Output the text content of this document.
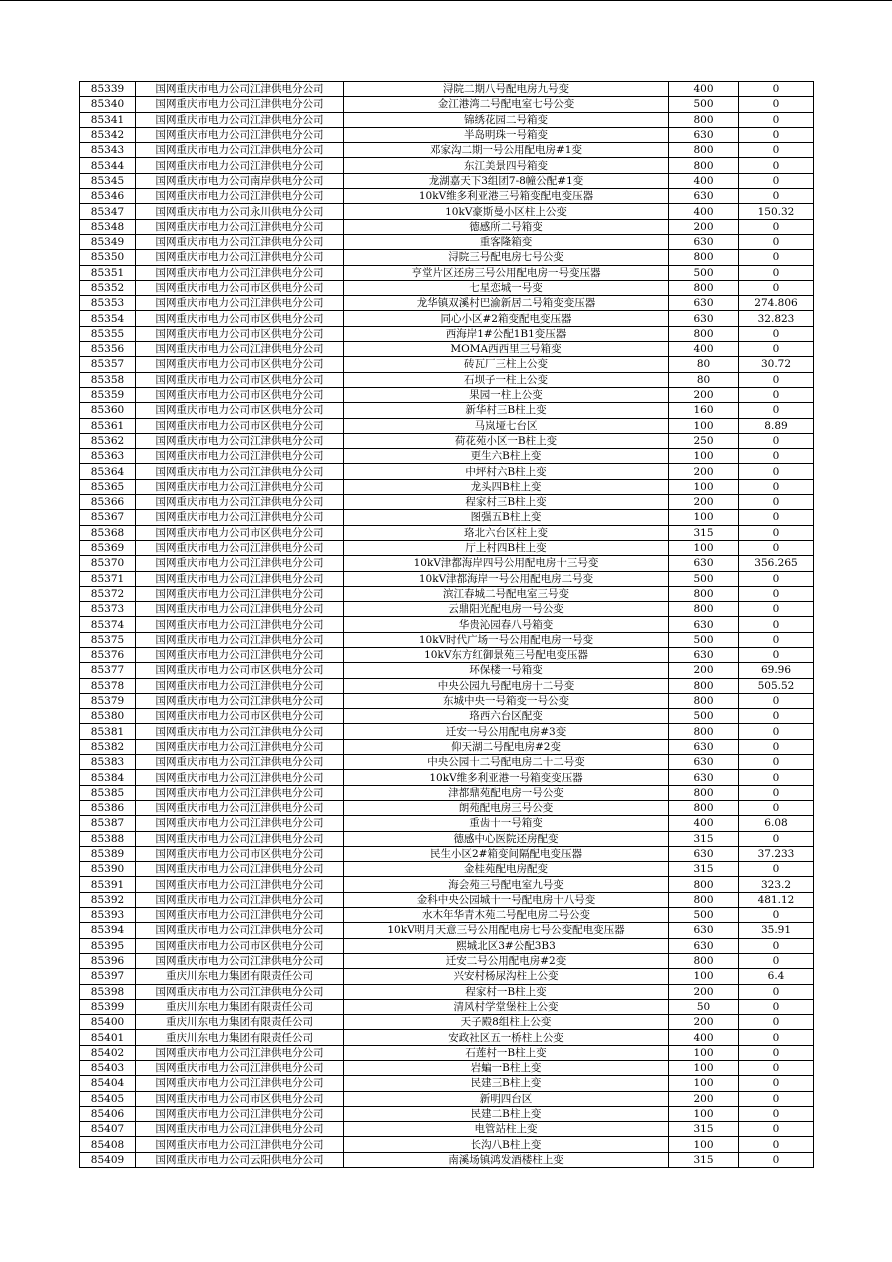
85339	国网重庆市电力公司江津供电分公司	浔院二期八号配电房九号变	400	0
85340	国网重庆市电力公司江津供电分公司	金江港湾二号配电室七号公变	500	0
85341	国网重庆市电力公司江津供电分公司	锦绣花园二号箱变	800	0
85342	国网重庆市电力公司江津供电分公司	半岛明珠一号箱变	630	0
85343	国网重庆市电力公司江津供电分公司	邓家沟二期一号公用配电房#1变	800	0
85344	国网重庆市电力公司江津供电分公司	东江美景四号箱变	800	0
85345	国网重庆市电力公司南岸供电分公司	龙湖嘉天下3组团7-8幢公配#1变	400	0
85346	国网重庆市电力公司江津供电分公司	10kV维多利亚港三号箱变配电变压器	630	0
85347	国网重庆市电力公司永川供电分公司	10kV豪斯曼小区柱上公变	400	150.32
85348	国网重庆市电力公司江津供电分公司	德感所二号箱变	200	0
85349	国网重庆市电力公司江津供电分公司	重客隆箱变	630	0
85350	国网重庆市电力公司江津供电分公司	浔院三号配电房七号公变	800	0
85351	国网重庆市电力公司江津供电分公司	亨堂片区还房三号公用配电房一号变压器	500	0
85352	国网重庆市电力公司市区供电分公司	七星恋城一号变	800	0
85353	国网重庆市电力公司江津供电分公司	龙华镇双溪村巴渝新居二号箱变变压器	630	274.806
85354	国网重庆市电力公司市区供电分公司	同心小区#2箱变配电变压器	630	32.823
85355	国网重庆市电力公司市区供电分公司	西海岸1#公配1B1变压器	800	0
85356	国网重庆市电力公司江津供电分公司	MOMA西西里三号箱变	400	0
85357	国网重庆市电力公司市区供电分公司	砖瓦厂三柱上公变	80	30.72
85358	国网重庆市电力公司市区供电分公司	石坝子一柱上公变	80	0
85359	国网重庆市电力公司市区供电分公司	果园一柱上公变	200	0
85360	国网重庆市电力公司市区供电分公司	新华村三B柱上变	160	0
85361	国网重庆市电力公司市区供电分公司	马岚垭七台区	100	8.89
85362	国网重庆市电力公司江津供电分公司	荷花苑小区一B柱上变	250	0
85363	国网重庆市电力公司江津供电分公司	更生六B柱上变	100	0
85364	国网重庆市电力公司江津供电分公司	中坪村六B柱上变	200	0
85365	国网重庆市电力公司江津供电分公司	龙头四B柱上变	100	0
85366	国网重庆市电力公司江津供电分公司	程家村三B柱上变	200	0
85367	国网重庆市电力公司江津供电分公司	图强五B柱上变	100	0
85368	国网重庆市电力公司市区供电分公司	珞北六台区柱上变	315	0
85369	国网重庆市电力公司江津供电分公司	厅上村四B柱上变	100	0
85370	国网重庆市电力公司江津供电分公司	10kV津都海岸四号公用配电房十三号变	630	356.265
85371	国网重庆市电力公司江津供电分公司	10kV津都海岸一号公用配电房二号变	500	0
85372	国网重庆市电力公司江津供电分公司	滨江春城二号配电室三号变	800	0
85373	国网重庆市电力公司江津供电分公司	云鼎阳光配电房一号公变	800	0
85374	国网重庆市电力公司江津供电分公司	华贵沁园春八号箱变	630	0
85375	国网重庆市电力公司江津供电分公司	10kV时代广场一号公用配电房一号变	500	0
85376	国网重庆市电力公司江津供电分公司	10kV东方红御景苑三号配电变压器	630	0
85377	国网重庆市电力公司市区供电分公司	环保楼一号箱变	200	69.96
85378	国网重庆市电力公司江津供电分公司	中央公园九号配电房十二号变	800	505.52
85379	国网重庆市电力公司江津供电分公司	东城中央一号箱变一号公变	800	0
85380	国网重庆市电力公司市区供电分公司	珞西六台区配变	500	0
85381	国网重庆市电力公司江津供电分公司	迁安一号公用配电房#3变	800	0
85382	国网重庆市电力公司江津供电分公司	仰天湖二号配电房#2变	630	0
85383	国网重庆市电力公司江津供电分公司	中央公园十二号配电房二十二号变	630	0
85384	国网重庆市电力公司江津供电分公司	10kV维多利亚港一号箱变变压器	630	0
85385	国网重庆市电力公司江津供电分公司	津都鼎苑配电房一号公变	800	0
85386	国网重庆市电力公司江津供电分公司	朗苑配电房三号公变	800	0
85387	国网重庆市电力公司江津供电分公司	重齿十一号箱变	400	6.08
85388	国网重庆市电力公司江津供电分公司	德感中心医院还房配变	315	0
85389	国网重庆市电力公司市区供电分公司	民生小区2#箱变间隔配电变压器	630	37.233
85390	国网重庆市电力公司江津供电分公司	金桂苑配电房配变	315	0
85391	国网重庆市电力公司江津供电分公司	海会苑三号配电室九号变	800	323.2
85392	国网重庆市电力公司江津供电分公司	金科中央公园城十一号配电房十八号变	800	481.12
85393	国网重庆市电力公司江津供电分公司	水木年华青木苑二号配电房二号公变	500	0
85394	国网重庆市电力公司江津供电分公司	10kV明月天意三号公用配电房七号公变配电变压器	630	35.91
85395	国网重庆市电力公司市区供电分公司	熙城北区3#公配3B3	630	0
85396	国网重庆市电力公司江津供电分公司	迁安二号公用配电房#2变	800	0
85397	重庆川东电力集团有限责任公司	兴安村杨尿沟柱上公变	100	6.4
85398	国网重庆市电力公司江津供电分公司	程家村一B柱上变	200	0
85399	重庆川东电力集团有限责任公司	清风村学堂堡柱上公变	50	0
85400	重庆川东电力集团有限责任公司	天子殿8组柱上公变	200	0
85401	重庆川东电力集团有限责任公司	安政社区五一桥柱上公变	400	0
85402	国网重庆市电力公司江津供电分公司	石莲村一B柱上变	100	0
85403	国网重庆市电力公司江津供电分公司	岩蝙一B柱上变	100	0
85404	国网重庆市电力公司江津供电分公司	民建三B柱上变	100	0
85405	国网重庆市电力公司市区供电分公司	新明四台区	200	0
85406	国网重庆市电力公司江津供电分公司	民建二B柱上变	100	0
85407	国网重庆市电力公司江津供电分公司	电管站柱上变	315	0
85408	国网重庆市电力公司江津供电分公司	长沟八B柱上变	100	0
85409	国网重庆市电力公司云阳供电分公司	南溪场镇鸿发酒楼柱上变	315	0
